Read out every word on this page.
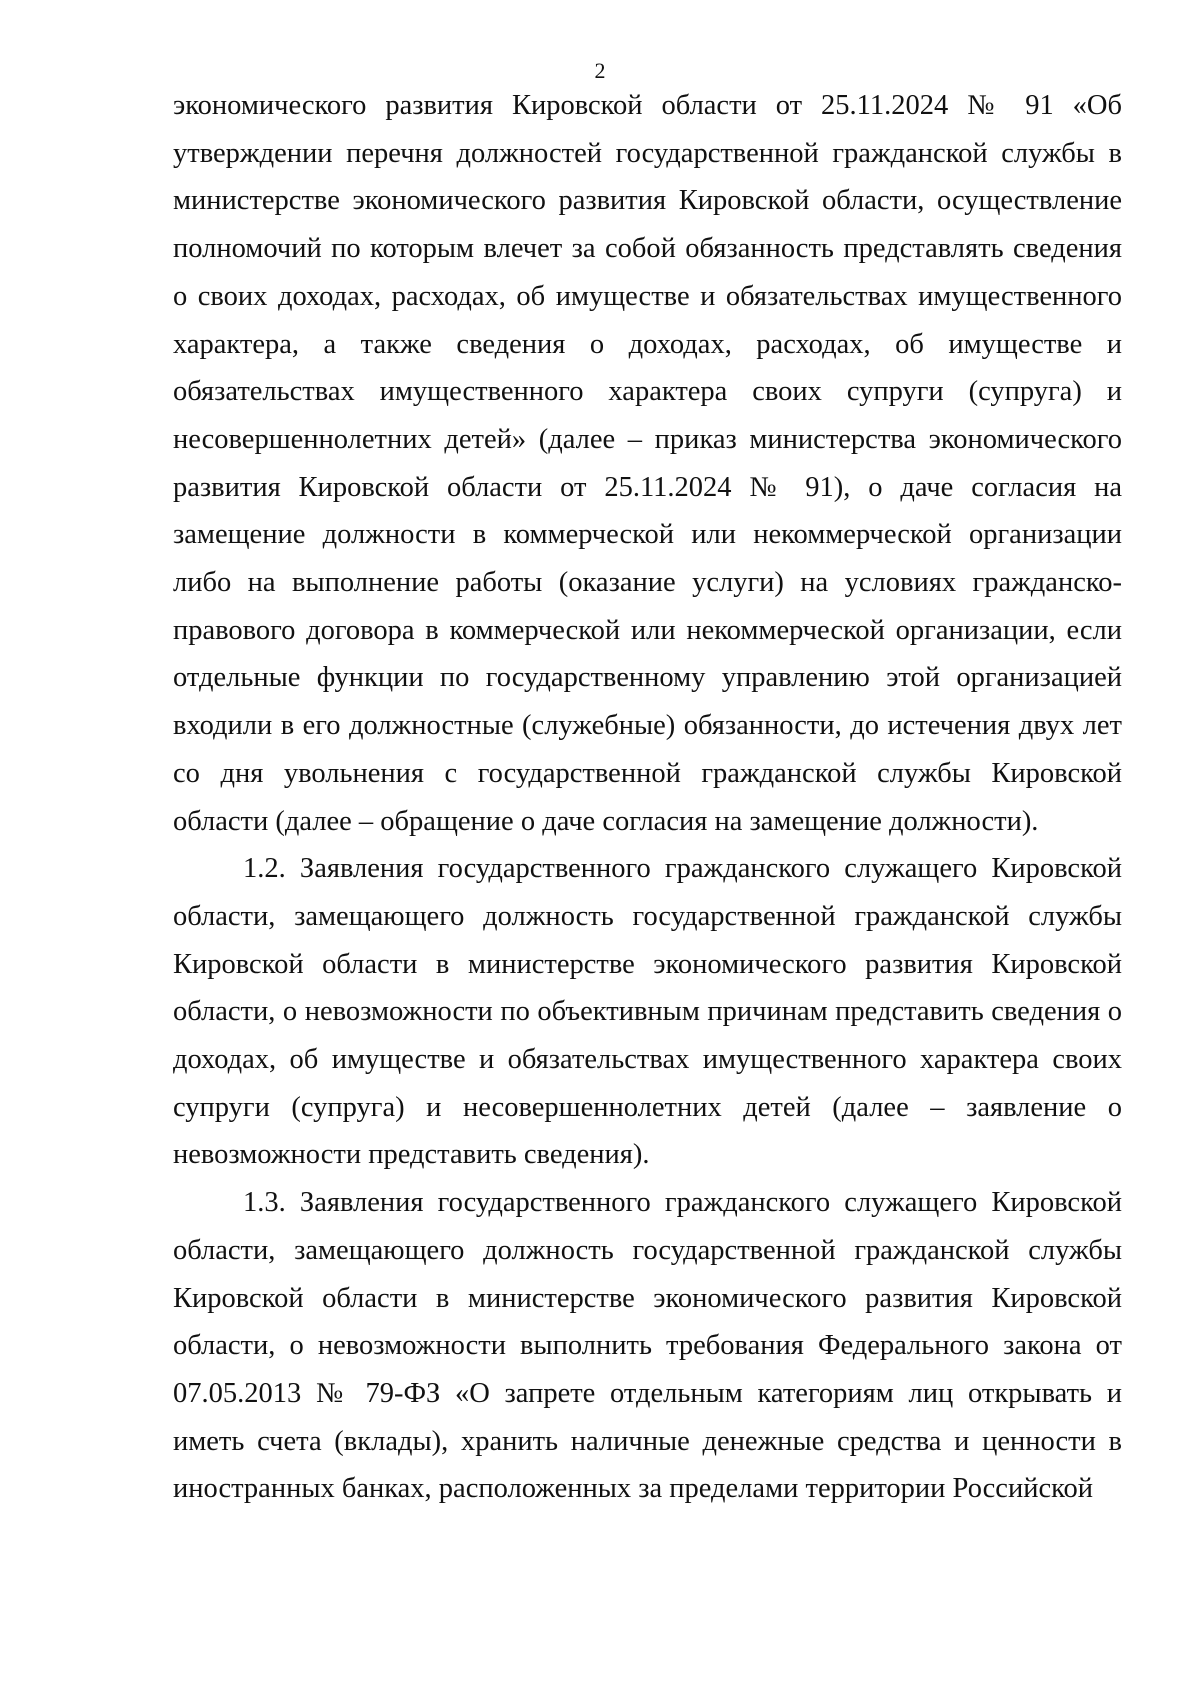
2

экономического развития Кировской области от 25.11.2024 № 91 «Об утверждении перечня должностей государственной гражданской службы в министерстве экономического развития Кировской области, осуществление полномочий по которым влечет за собой обязанность представлять сведения о своих доходах, расходах, об имуществе и обязательствах имущественного характера, а также сведения о доходах, расходах, об имуществе и обязательствах имущественного характера своих супруги (супруга) и несовершеннолетних детей» (далее – приказ министерства экономического развития Кировской области от 25.11.2024 № 91), о даче согласия на замещение должности в коммерческой или некоммерческой организации либо на выполнение работы (оказание услуги) на условиях гражданско-правового договора в коммерческой или некоммерческой организации, если отдельные функции по государственному управлению этой организацией входили в его должностные (служебные) обязанности, до истечения двух лет со дня увольнения с государственной гражданской службы Кировской области (далее – обращение о даче согласия на замещение должности).

1.2. Заявления государственного гражданского служащего Кировской области, замещающего должность государственной гражданской службы Кировской области в министерстве экономического развития Кировской области, о невозможности по объективным причинам представить сведения о доходах, об имуществе и обязательствах имущественного характера своих супруги (супруга) и несовершеннолетних детей (далее – заявление о невозможности представить сведения).

1.3. Заявления государственного гражданского служащего Кировской области, замещающего должность государственной гражданской службы Кировской области в министерстве экономического развития Кировской области, о невозможности выполнить требования Федерального закона от 07.05.2013 № 79-ФЗ «О запрете отдельным категориям лиц открывать и иметь счета (вклады), хранить наличные денежные средства и ценности в иностранных банках, расположенных за пределами территории Российской
